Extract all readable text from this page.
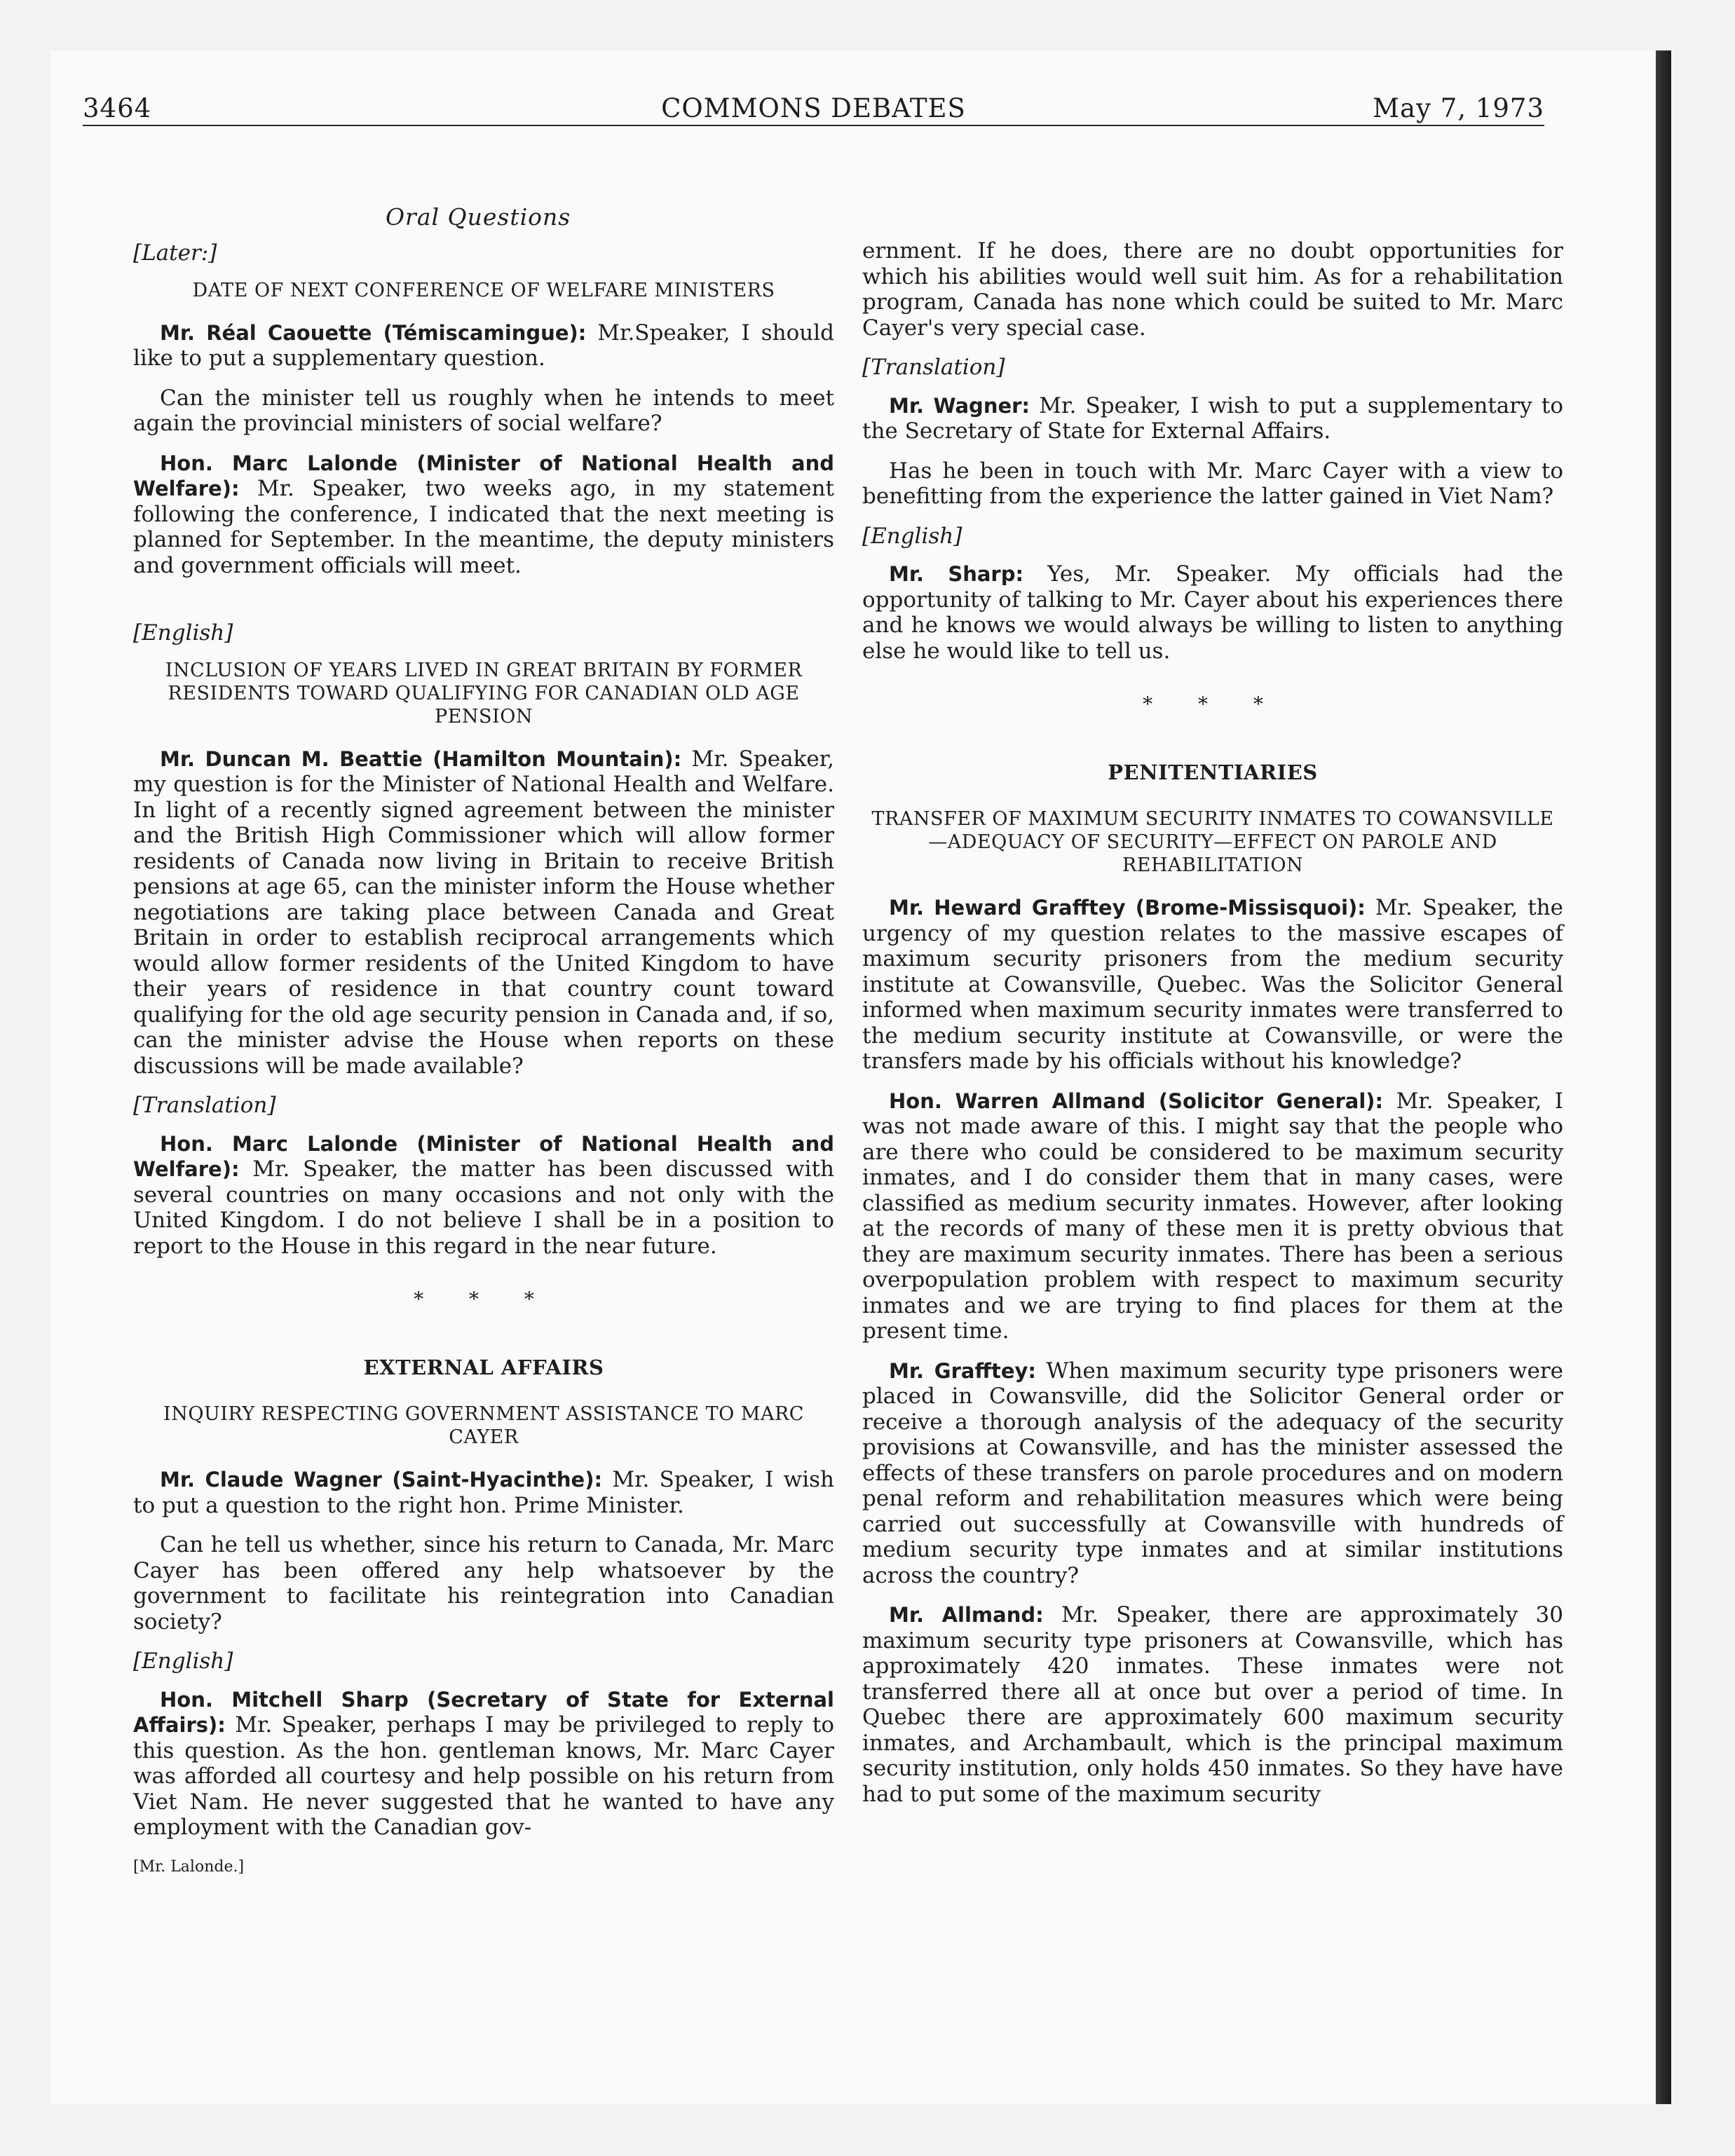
3464	COMMONS DEBATES	May 7, 1973
Oral Questions

[Later:]

DATE OF NEXT CONFERENCE OF WELFARE MINISTERS

Mr. Réal Caouette (Témiscamingue): Mr.Speaker, I should like to put a supplementary question.

Can the minister tell us roughly when he intends to meet again the provincial ministers of social welfare?

Hon. Marc Lalonde (Minister of National Health and Welfare): Mr. Speaker, two weeks ago, in my statement following the conference, I indicated that the next meeting is planned for September. In the meantime, the deputy ministers and government officials will meet.

[English]

INCLUSION OF YEARS LIVED IN GREAT BRITAIN BY FORMER RESIDENTS TOWARD QUALIFYING FOR CANADIAN OLD AGE PENSION

Mr. Duncan M. Beattie (Hamilton Mountain): Mr. Speaker, my question is for the Minister of National Health and Welfare. In light of a recently signed agreement between the minister and the British High Commissioner which will allow former residents of Canada now living in Britain to receive British pensions at age 65, can the minister inform the House whether negotiations are taking place between Canada and Great Britain in order to establish reciprocal arrangements which would allow former residents of the United Kingdom to have their years of residence in that country count toward qualifying for the old age security pension in Canada and, if so, can the minister advise the House when reports on these discussions will be made available?

[Translation]

Hon. Marc Lalonde (Minister of National Health and Welfare): Mr. Speaker, the matter has been discussed with several countries on many occasions and not only with the United Kingdom. I do not believe I shall be in a position to report to the House in this regard in the near future.

* * *
EXTERNAL AFFAIRS
INQUIRY RESPECTING GOVERNMENT ASSISTANCE TO MARC CAYER

Mr. Claude Wagner (Saint-Hyacinthe): Mr. Speaker, I wish to put a question to the right hon. Prime Minister.

Can he tell us whether, since his return to Canada, Mr. Marc Cayer has been offered any help whatsoever by the government to facilitate his reintegration into Canadian society?

[English]

Hon. Mitchell Sharp (Secretary of State for External Affairs): Mr. Speaker, perhaps I may be privileged to reply to this question. As the hon. gentleman knows, Mr. Marc Cayer was afforded all courtesy and help possible on his return from Viet Nam. He never suggested that he wanted to have any employment with the Canadian gov-

[Mr. Lalonde.]

ernment. If he does, there are no doubt opportunities for which his abilities would well suit him. As for a rehabilitation program, Canada has none which could be suited to Mr. Marc Cayer's very special case.

[Translation]

Mr. Wagner: Mr. Speaker, I wish to put a supplementary to the Secretary of State for External Affairs.

Has he been in touch with Mr. Marc Cayer with a view to benefitting from the experience the latter gained in Viet Nam?

[English]

Mr. Sharp: Yes, Mr. Speaker. My officials had the opportunity of talking to Mr. Cayer about his experiences there and he knows we would always be willing to listen to anything else he would like to tell us.

* * *
PENITENTIARIES
TRANSFER OF MAXIMUM SECURITY INMATES TO COWANSVILLE—ADEQUACY OF SECURITY—EFFECT ON PAROLE AND REHABILITATION

Mr. Heward Grafftey (Brome-Missisquoi): Mr. Speaker, the urgency of my question relates to the massive escapes of maximum security prisoners from the medium security institute at Cowansville, Quebec. Was the Solicitor General informed when maximum security inmates were transferred to the medium security institute at Cowansville, or were the transfers made by his officials without his knowledge?

Hon. Warren Allmand (Solicitor General): Mr. Speaker, I was not made aware of this. I might say that the people who are there who could be considered to be maximum security inmates, and I do consider them that in many cases, were classified as medium security inmates. However, after looking at the records of many of these men it is pretty obvious that they are maximum security inmates. There has been a serious overpopulation problem with respect to maximum security inmates and we are trying to find places for them at the present time.

Mr. Grafftey: When maximum security type prisoners were placed in Cowansville, did the Solicitor General order or receive a thorough analysis of the adequacy of the security provisions at Cowansville, and has the minister assessed the effects of these transfers on parole procedures and on modern penal reform and rehabilitation measures which were being carried out successfully at Cowansville with hundreds of medium security type inmates and at similar institutions across the country?

Mr. Allmand: Mr. Speaker, there are approximately 30 maximum security type prisoners at Cowansville, which has approximately 420 inmates. These inmates were not transferred there all at once but over a period of time. In Quebec there are approximately 600 maximum security inmates, and Archambault, which is the principal maximum security institution, only holds 450 inmates. So they have have had to put some of the maximum security
